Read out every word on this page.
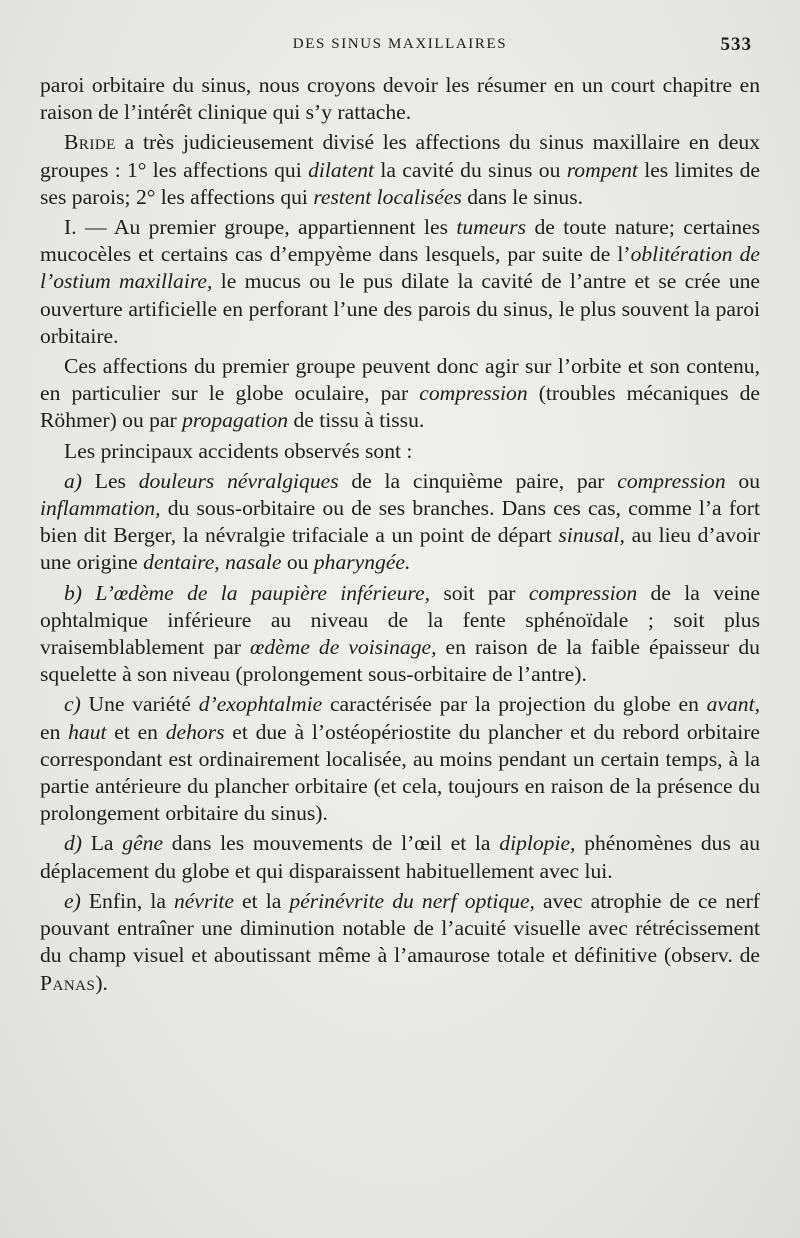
DES SINUS MAXILLAIRES	533

paroi orbitaire du sinus, nous croyons devoir les résumer en un court chapitre en raison de l’intérêt clinique qui s’y rattache.

Bride a très judicieusement divisé les affections du sinus maxillaire en deux groupes : 1° les affections qui dilatent la cavité du sinus ou rompent les limites de ses parois; 2° les affections qui restent localisées dans le sinus.

I. — Au premier groupe, appartiennent les tumeurs de toute nature; certaines mucocèles et certains cas d’empyème dans lesquels, par suite de l’oblitération de l’ostium maxillaire, le mucus ou le pus dilate la cavité de l’antre et se crée une ouverture artificielle en perforant l’une des parois du sinus, le plus souvent la paroi orbitaire.

Ces affections du premier groupe peuvent donc agir sur l’orbite et son contenu, en particulier sur le globe oculaire, par compression (troubles mécaniques de Röhmer) ou par propagation de tissu à tissu.

Les principaux accidents observés sont :

a) Les douleurs névralgiques de la cinquième paire, par compression ou inflammation, du sous-orbitaire ou de ses branches. Dans ces cas, comme l’a fort bien dit Berger, la névralgie trifaciale a un point de départ sinusal, au lieu d’avoir une origine dentaire, nasale ou pharyngée.

b) L’œdème de la paupière inférieure, soit par compression de la veine ophtalmique inférieure au niveau de la fente sphénoïdale ; soit plus vraisemblablement par œdème de voisinage, en raison de la faible épaisseur du squelette à son niveau (prolongement sous-orbitaire de l’antre).

c) Une variété d’exophtalmie caractérisée par la projection du globe en avant, en haut et en dehors et due à l’ostéopériostite du plancher et du rebord orbitaire correspondant est ordinairement localisée, au moins pendant un certain temps, à la partie antérieure du plancher orbitaire (et cela, toujours en raison de la présence du prolongement orbitaire du sinus).

d) La gêne dans les mouvements de l’œil et la diplopie, phénomènes dus au déplacement du globe et qui disparaissent habituellement avec lui.

e) Enfin, la névrite et la périnévrite du nerf optique, avec atrophie de ce nerf pouvant entraîner une diminution notable de l’acuité visuelle avec rétrécissement du champ visuel et aboutissant même à l’amaurose totale et définitive (observ. de Panas).
